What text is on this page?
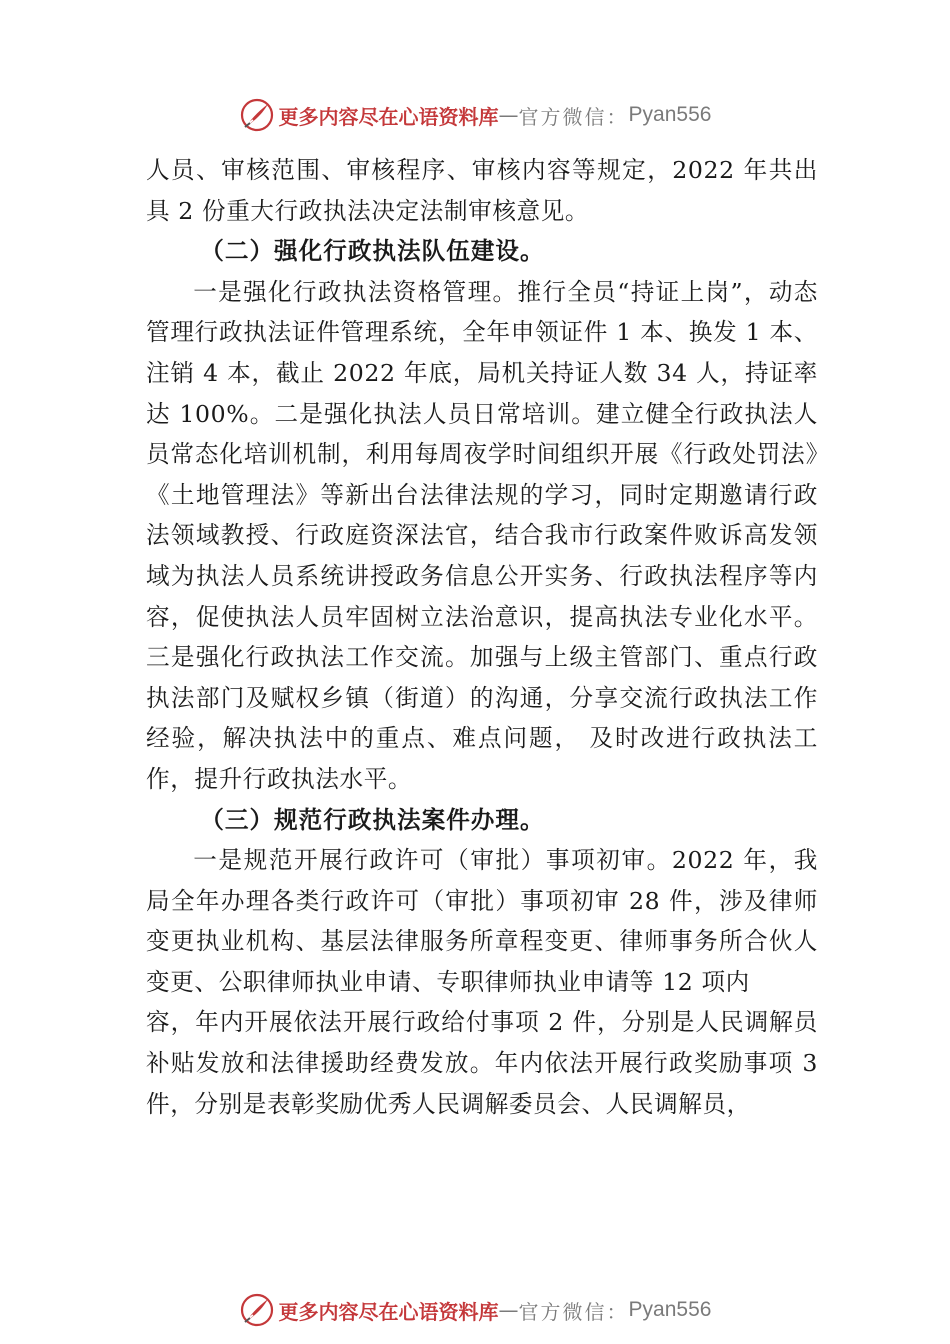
更多内容尽在心语资料库 — 官方微信： Pyan556

人员、审核范围、审核程序、审核内容等规定，2022 年共出具 2 份重大行政执法决定法制审核意见。

（二）强化行政执法队伍建设。

一是强化行政执法资格管理。推行全员“持证上岗”，动态管理行政执法证件管理系统，全年申领证件 1 本、换发 1 本、注销 4 本，截止 2022 年底，局机关持证人数 34 人，持证率达 100%。二是强化执法人员日常培训。建立健全行政执法人员常态化培训机制，利用每周夜学时间组织开展《行政处罚法》《土地管理法》等新出台法律法规的学习，同时定期邀请行政法领域教授、行政庭资深法官，结合我市行政案件败诉高发领域为执法人员系统讲授政务信息公开实务、行政执法程序等内容，促使执法人员牢固树立法治意识，提高执法专业化水平。三是强化行政执法工作交流。加强与上级主管部门、重点行政执法部门及赋权乡镇（街道）的沟通，分享交流行政执法工作经验，解决执法中的重点、难点问题， 及时改进行政执法工作，提升行政执法水平。

（三）规范行政执法案件办理。

一是规范开展行政许可（审批）事项初审。2022 年，我局全年办理各类行政许可（审批）事项初审 28 件，涉及律师变更执业机构、基层法律服务所章程变更、律师事务所合伙人变更、公职律师执业申请、专职律师执业申请等 12 项内

容，年内开展依法开展行政给付事项 2 件，分别是人民调解员补贴发放和法律援助经费发放。年内依法开展行政奖励事项 3 件，分别是表彰奖励优秀人民调解委员会、人民调解员，

更多内容尽在心语资料库 — 官方微信： Pyan556
